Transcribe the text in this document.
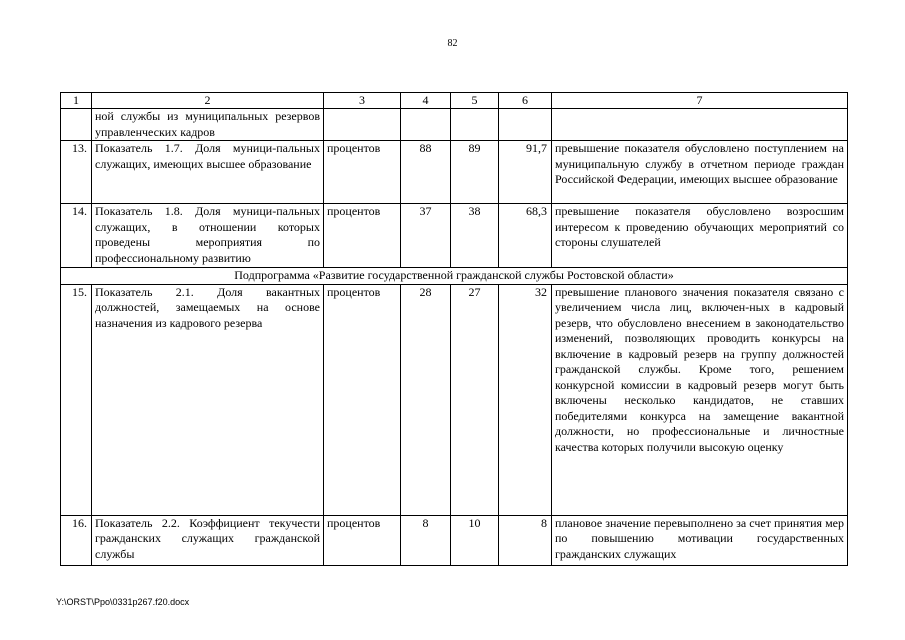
82
1	2	3	4	5	6	7
	ной службы из муниципальных резервов управленческих кадров					
13.	Показатель 1.7. Доля муници-пальных служащих, имеющих высшее образование	процентов	88	89	91,7	превышение показателя обусловлено поступлением на муниципальную службу в отчетном периоде граждан Российской Федерации, имеющих высшее образование
14.	Показатель 1.8. Доля муници-пальных служащих, в отношении которых проведены мероприятия по профессиональному развитию	процентов	37	38	68,3	превышение показателя обусловлено возросшим интересом к проведению обучающих мероприятий со стороны слушателей
Подпрограмма «Развитие государственной гражданской службы Ростовской области»						
15.	Показатель 2.1. Доля вакантных должностей, замещаемых на основе назначения из кадрового резерва	процентов	28	27	32	превышение планового значения показателя связано с увеличением числа лиц, включен-ных в кадровый резерв, что обусловлено внесением в законодательство изменений, позволяющих проводить конкурсы на включение в кадровый резерв на группу должностей гражданской службы. Кроме того, решением конкурсной комиссии в кадровый резерв могут быть включены несколько кандидатов, не ставших победителями конкурса на замещение вакантной должности, но профессиональные и личностные качества которых получили высокую оценку
16.	Показатель 2.2. Коэффициент текучести гражданских служащих гражданской службы	процентов	8	10	8	плановое значение перевыполнено за счет принятия мер по повышению мотивации государственных гражданских служащих
Y:\ORST\Ppo\0331p267.f20.docx
